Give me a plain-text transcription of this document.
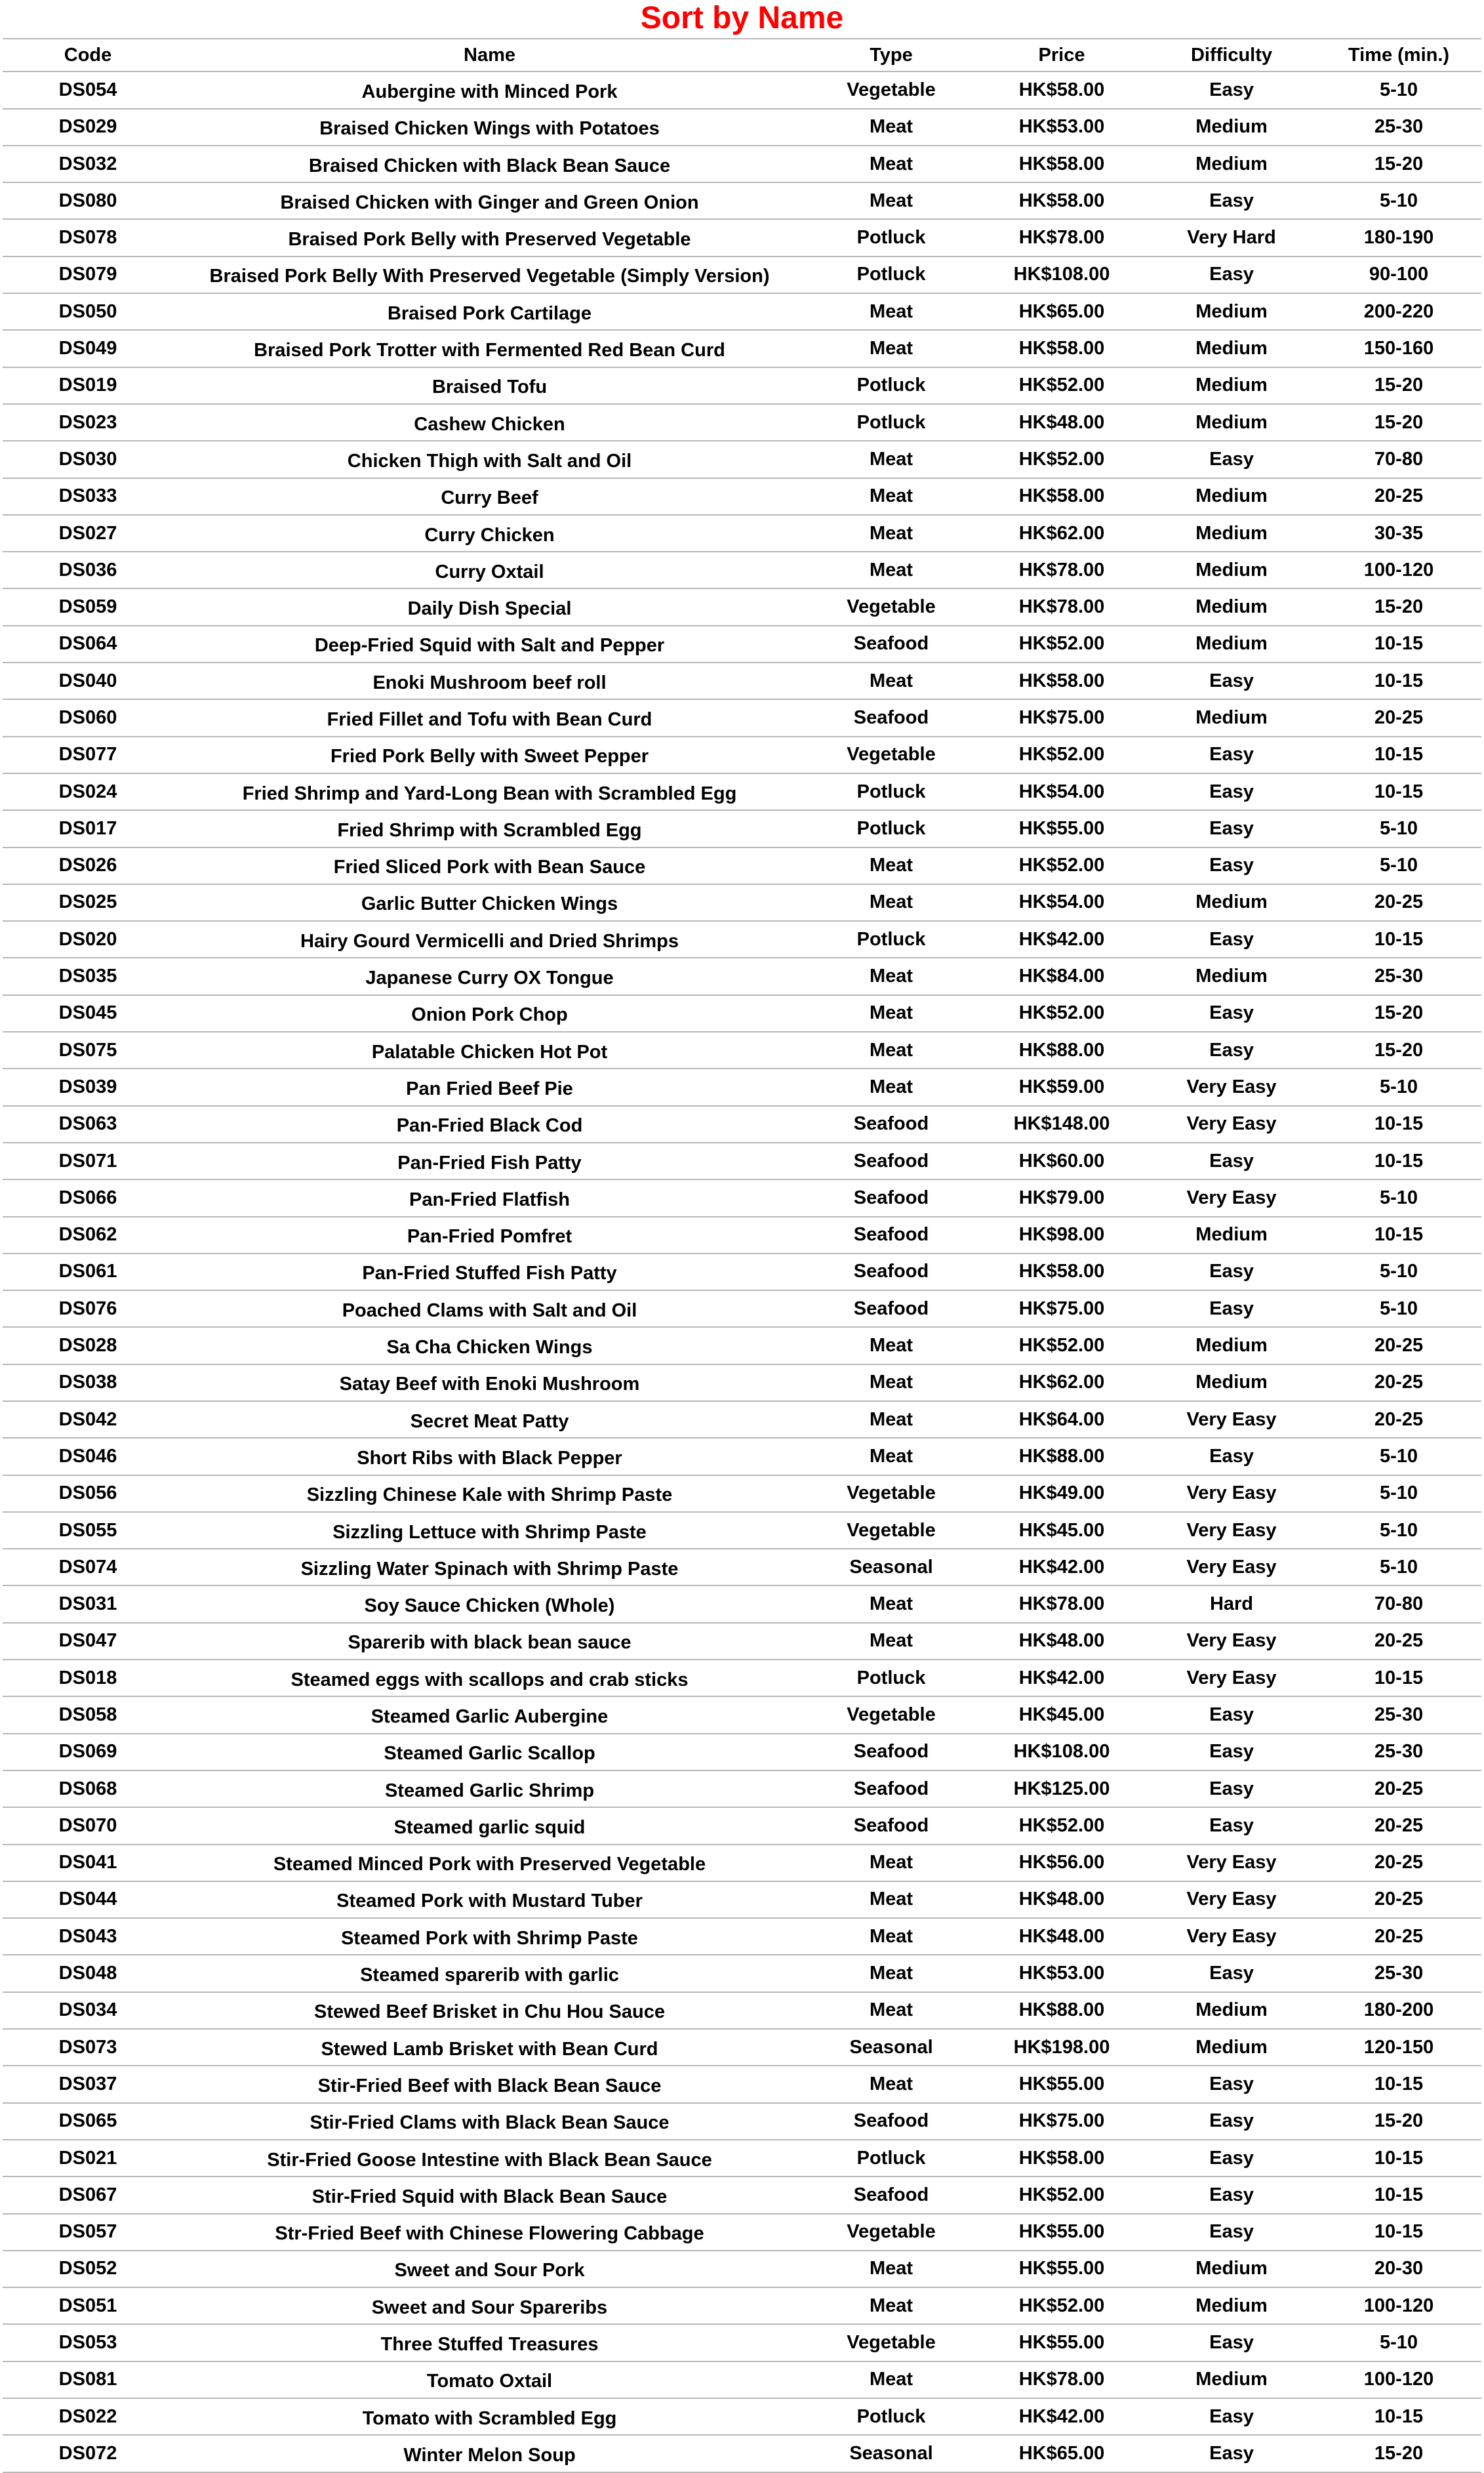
Sort by Name
Code	Name	Type	Price	Difficulty	Time (min.)
DS054	Aubergine with Minced Pork	Vegetable	HK$58.00	Easy	5-10
DS029	Braised Chicken Wings with Potatoes	Meat	HK$53.00	Medium	25-30
DS032	Braised Chicken with Black Bean Sauce	Meat	HK$58.00	Medium	15-20
DS080	Braised Chicken with Ginger and Green Onion	Meat	HK$58.00	Easy	5-10
DS078	Braised Pork Belly with Preserved Vegetable	Potluck	HK$78.00	Very Hard	180-190
DS079	Braised Pork Belly With Preserved Vegetable (Simply Version)	Potluck	HK$108.00	Easy	90-100
DS050	Braised Pork Cartilage	Meat	HK$65.00	Medium	200-220
DS049	Braised Pork Trotter with Fermented Red Bean Curd	Meat	HK$58.00	Medium	150-160
DS019	Braised Tofu	Potluck	HK$52.00	Medium	15-20
DS023	Cashew Chicken	Potluck	HK$48.00	Medium	15-20
DS030	Chicken Thigh with Salt and Oil	Meat	HK$52.00	Easy	70-80
DS033	Curry Beef	Meat	HK$58.00	Medium	20-25
DS027	Curry Chicken	Meat	HK$62.00	Medium	30-35
DS036	Curry Oxtail	Meat	HK$78.00	Medium	100-120
DS059	Daily Dish Special	Vegetable	HK$78.00	Medium	15-20
DS064	Deep-Fried Squid with Salt and Pepper	Seafood	HK$52.00	Medium	10-15
DS040	Enoki Mushroom beef roll	Meat	HK$58.00	Easy	10-15
DS060	Fried Fillet and Tofu with Bean Curd	Seafood	HK$75.00	Medium	20-25
DS077	Fried Pork Belly with Sweet Pepper	Vegetable	HK$52.00	Easy	10-15
DS024	Fried Shrimp and Yard-Long Bean with Scrambled Egg	Potluck	HK$54.00	Easy	10-15
DS017	Fried Shrimp with Scrambled Egg	Potluck	HK$55.00	Easy	5-10
DS026	Fried Sliced Pork with Bean Sauce	Meat	HK$52.00	Easy	5-10
DS025	Garlic Butter Chicken Wings	Meat	HK$54.00	Medium	20-25
DS020	Hairy Gourd Vermicelli and Dried Shrimps	Potluck	HK$42.00	Easy	10-15
DS035	Japanese Curry OX Tongue	Meat	HK$84.00	Medium	25-30
DS045	Onion Pork Chop	Meat	HK$52.00	Easy	15-20
DS075	Palatable Chicken Hot Pot	Meat	HK$88.00	Easy	15-20
DS039	Pan Fried Beef Pie	Meat	HK$59.00	Very Easy	5-10
DS063	Pan-Fried Black Cod	Seafood	HK$148.00	Very Easy	10-15
DS071	Pan-Fried Fish Patty	Seafood	HK$60.00	Easy	10-15
DS066	Pan-Fried Flatfish	Seafood	HK$79.00	Very Easy	5-10
DS062	Pan-Fried Pomfret	Seafood	HK$98.00	Medium	10-15
DS061	Pan-Fried Stuffed Fish Patty	Seafood	HK$58.00	Easy	5-10
DS076	Poached Clams with Salt and Oil	Seafood	HK$75.00	Easy	5-10
DS028	Sa Cha Chicken Wings	Meat	HK$52.00	Medium	20-25
DS038	Satay Beef with Enoki Mushroom	Meat	HK$62.00	Medium	20-25
DS042	Secret Meat Patty	Meat	HK$64.00	Very Easy	20-25
DS046	Short Ribs with Black Pepper	Meat	HK$88.00	Easy	5-10
DS056	Sizzling Chinese Kale with Shrimp Paste	Vegetable	HK$49.00	Very Easy	5-10
DS055	Sizzling Lettuce with Shrimp Paste	Vegetable	HK$45.00	Very Easy	5-10
DS074	Sizzling Water Spinach with Shrimp Paste	Seasonal	HK$42.00	Very Easy	5-10
DS031	Soy Sauce Chicken (Whole)	Meat	HK$78.00	Hard	70-80
DS047	Sparerib with black bean sauce	Meat	HK$48.00	Very Easy	20-25
DS018	Steamed eggs with scallops and crab sticks	Potluck	HK$42.00	Very Easy	10-15
DS058	Steamed Garlic Aubergine	Vegetable	HK$45.00	Easy	25-30
DS069	Steamed Garlic Scallop	Seafood	HK$108.00	Easy	25-30
DS068	Steamed Garlic Shrimp	Seafood	HK$125.00	Easy	20-25
DS070	Steamed garlic squid	Seafood	HK$52.00	Easy	20-25
DS041	Steamed Minced Pork with Preserved Vegetable	Meat	HK$56.00	Very Easy	20-25
DS044	Steamed Pork with Mustard Tuber	Meat	HK$48.00	Very Easy	20-25
DS043	Steamed Pork with Shrimp Paste	Meat	HK$48.00	Very Easy	20-25
DS048	Steamed sparerib with garlic	Meat	HK$53.00	Easy	25-30
DS034	Stewed Beef Brisket in Chu Hou Sauce	Meat	HK$88.00	Medium	180-200
DS073	Stewed Lamb Brisket with Bean Curd	Seasonal	HK$198.00	Medium	120-150
DS037	Stir-Fried Beef with Black Bean Sauce	Meat	HK$55.00	Easy	10-15
DS065	Stir-Fried Clams with Black Bean Sauce	Seafood	HK$75.00	Easy	15-20
DS021	Stir-Fried Goose Intestine with Black Bean Sauce	Potluck	HK$58.00	Easy	10-15
DS067	Stir-Fried Squid with Black Bean Sauce	Seafood	HK$52.00	Easy	10-15
DS057	Str-Fried Beef with Chinese Flowering Cabbage	Vegetable	HK$55.00	Easy	10-15
DS052	Sweet and Sour Pork	Meat	HK$55.00	Medium	20-30
DS051	Sweet and Sour Spareribs	Meat	HK$52.00	Medium	100-120
DS053	Three Stuffed Treasures	Vegetable	HK$55.00	Easy	5-10
DS081	Tomato Oxtail	Meat	HK$78.00	Medium	100-120
DS022	Tomato with Scrambled Egg	Potluck	HK$42.00	Easy	10-15
DS072	Winter Melon Soup	Seasonal	HK$65.00	Easy	15-20
